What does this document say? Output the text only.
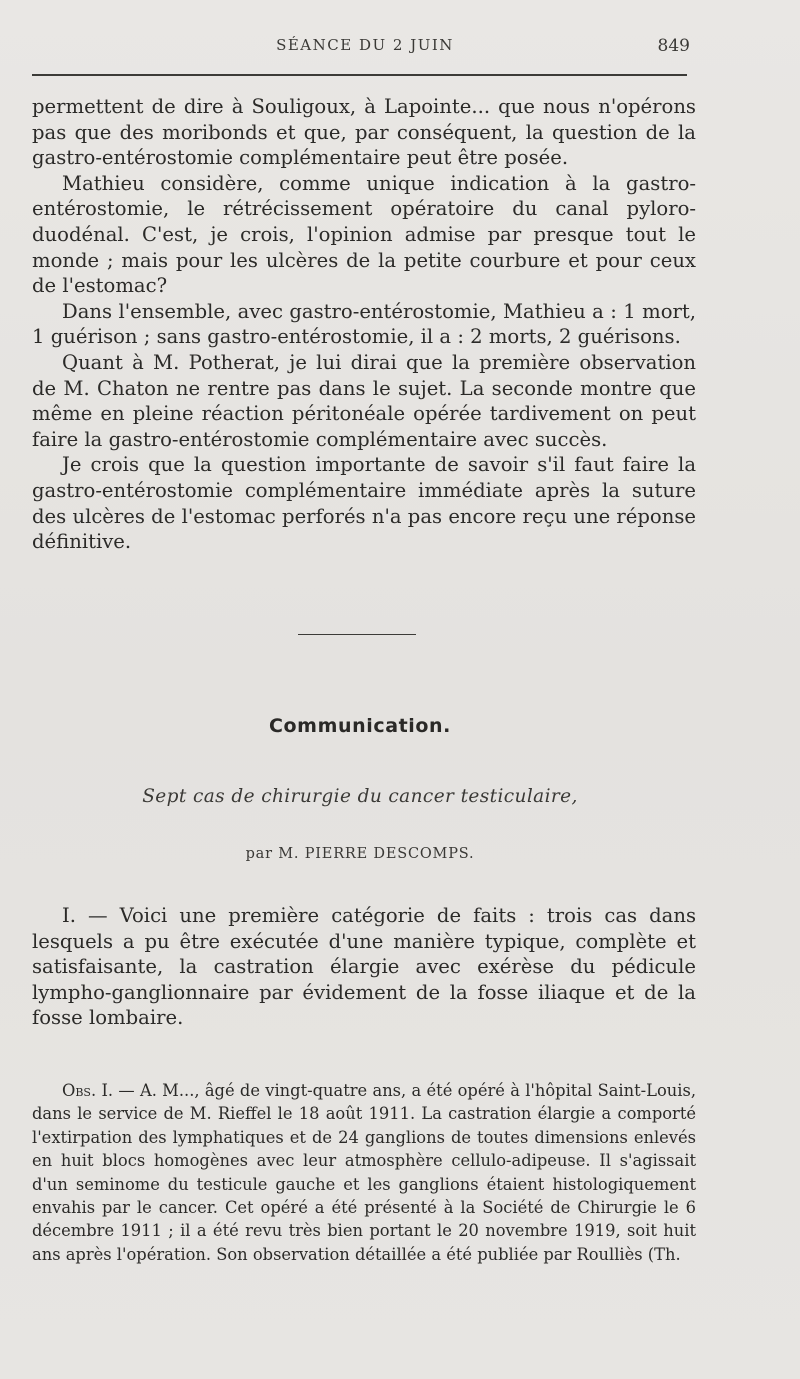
SÉANCE DU 2 JUIN	849

permettent de dire à Souligoux, à Lapointe... que nous n'opérons pas que des moribonds et que, par conséquent, la question de la gastro-entérostomie complémentaire peut être posée.

Mathieu considère, comme unique indication à la gastro-entérostomie, le rétrécissement opératoire du canal pyloro-duodénal. C'est, je crois, l'opinion admise par presque tout le monde ; mais pour les ulcères de la petite courbure et pour ceux de l'estomac?

Dans l'ensemble, avec gastro-entérostomie, Mathieu a : 1 mort, 1 guérison ; sans gastro-entérostomie, il a : 2 morts, 2 guérisons.

Quant à M. Potherat, je lui dirai que la première observation de M. Chaton ne rentre pas dans le sujet. La seconde montre que même en pleine réaction péritonéale opérée tardivement on peut faire la gastro-entérostomie complémentaire avec succès.

Je crois que la question importante de savoir s'il faut faire la gastro-entérostomie complémentaire immédiate après la suture des ulcères de l'estomac perforés n'a pas encore reçu une réponse définitive.

Communication.
Sept cas de chirurgie du cancer testiculaire,
par M. PIERRE DESCOMPS.

I. — Voici une première catégorie de faits : trois cas dans lesquels a pu être exécutée d'une manière typique, complète et satisfaisante, la castration élargie avec exérèse du pédicule lympho-ganglionnaire par évidement de la fosse iliaque et de la fosse lombaire.

Obs. I. — A. M..., âgé de vingt-quatre ans, a été opéré à l'hôpital Saint-Louis, dans le service de M. Rieffel le 18 août 1911. La castration élargie a comporté l'extirpation des lymphatiques et de 24 ganglions de toutes dimensions enlevés en huit blocs homogènes avec leur atmosphère cellulo-adipeuse. Il s'agissait d'un seminome du testicule gauche et les ganglions étaient histologiquement envahis par le cancer. Cet opéré a été présenté à la Société de Chirurgie le 6 décembre 1911 ; il a été revu très bien portant le 20 novembre 1919, soit huit ans après l'opération. Son observation détaillée a été publiée par Roulliès (Th.
